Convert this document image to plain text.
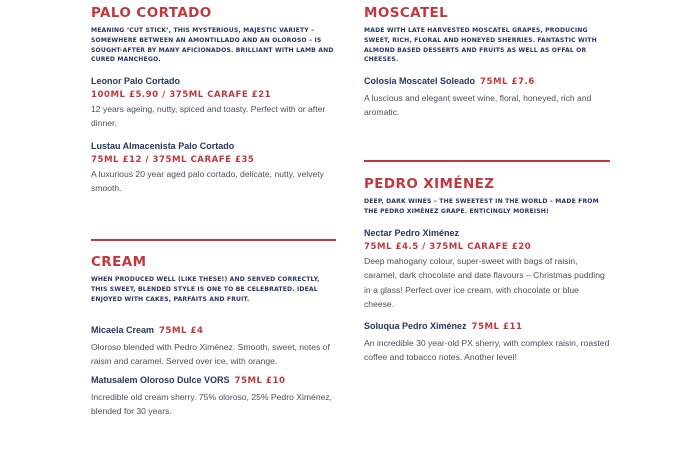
PALO CORTADO

MEANING ‘CUT STICK’, THIS MYSTERIOUS, MAJESTIC VARIETY – SOMEWHERE BETWEEN AN AMONTILLADO AND AN OLOROSO – IS SOUGHT-AFTER BY MANY AFICIONADOS. BRILLIANT WITH LAMB AND CURED MANCHEGO.

Leonor Palo Cortado
100ML £5.90 / 375ML CARAFE £21

12 years ageing, nutty, spiced and toasty. Perfect with or after dinner.

Lustau Almacenista Palo Cortado
75ML £12 / 375ML CARAFE £35

A luxurious 20 year aged palo cortado, delicate, nutty, velvety smooth.

CREAM

WHEN PRODUCED WELL (LIKE THESE!) AND SERVED CORRECTLY, THIS SWEET, BLENDED STYLE IS ONE TO BE CELEBRATED. IDEAL ENJOYED WITH CAKES, PARFAITS AND FRUIT.

Micaela Cream 75ML £4

Oloroso blended with Pedro Ximénez. Smooth, sweet, notes of raisin and caramel. Served over ice, with orange.

Matusalem Oloroso Dulce VORS 75ML £10

Incredible old cream sherry. 75% oloroso, 25% Pedro Ximénez, blended for 30 years.

MOSCATEL

MADE WITH LATE HARVESTED MOSCATEL GRAPES, PRODUCING SWEET, RICH, FLORAL AND HONEYED SHERRIES. FANTASTIC WITH ALMOND BASED DESSERTS AND FRUITS AS WELL AS OFFAL OR CHEESES.

Colosia Moscatel Soleado 75ML £7.6

A luscious and elegant sweet wine, floral, honeyed, rich and aromatic.

PEDRO XIMÉNEZ

DEEP, DARK WINES – THE SWEETEST IN THE WORLD – MADE FROM THE PEDRO XIMÉNEZ GRAPE. ENTICINGLY MOREISH!

Nectar Pedro Ximénez
75ML £4.5 / 375ML CARAFE £20

Deep mahogany colour, super-sweet with bags of raisin, caramel, dark chocolate and date flavours – Christmas pudding in a glass! Perfect over ice cream, with chocolate or blue cheese.

Soluqua Pedro Ximénez 75ML £11

An incredible 30 year-old PX sherry, with complex raisin, roasted coffee and tobacco notes. Another level!
